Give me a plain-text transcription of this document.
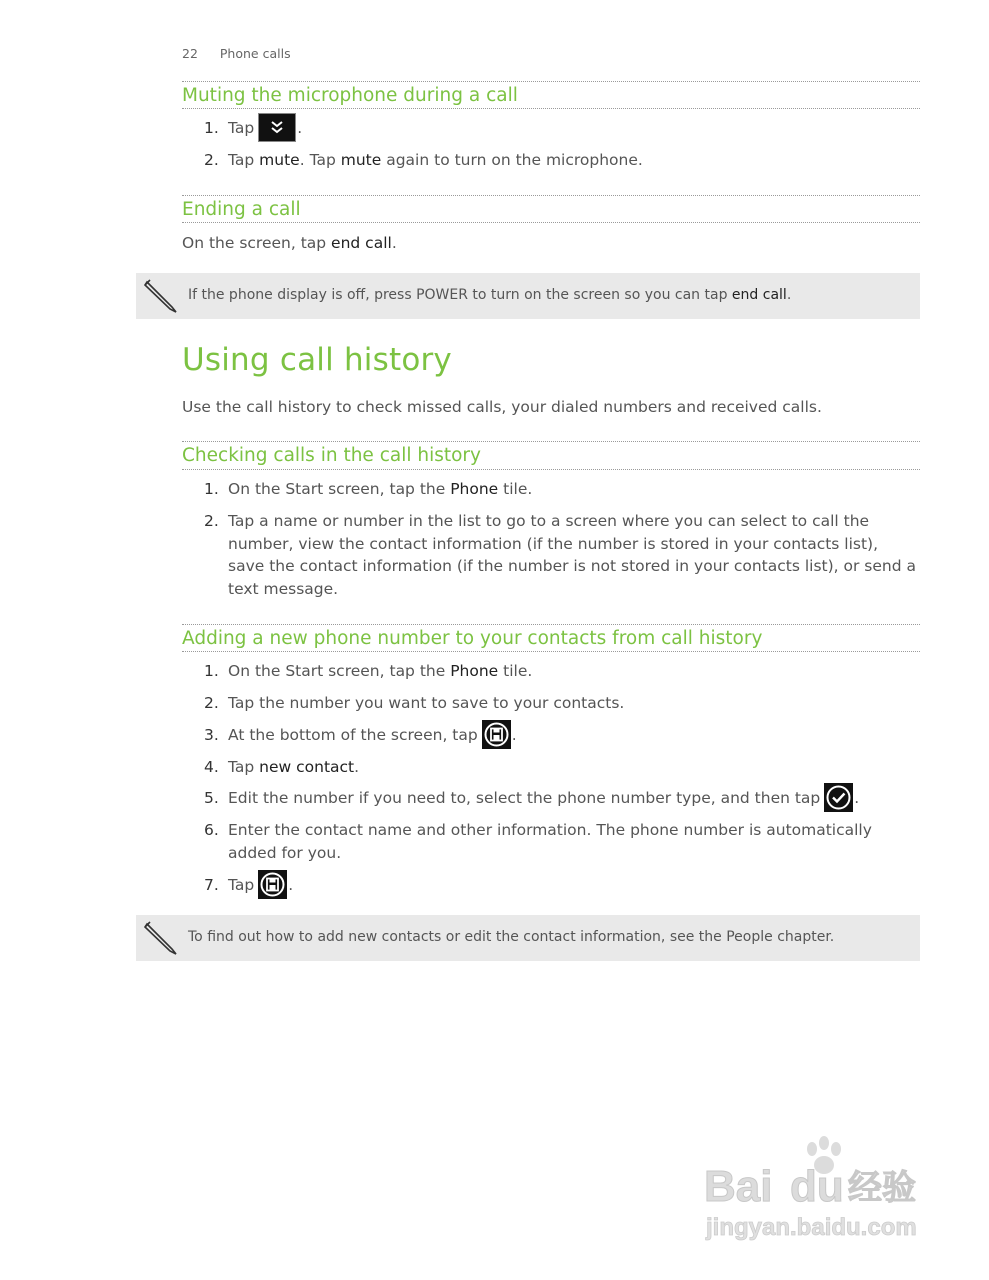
22 Phone calls
Muting the microphone during a call
1. Tap	.
2. Tap mute. Tap mute again to turn on the microphone.
Ending a call
On the screen, tap end call.
If the phone display is off, press POWER to turn on the screen so you can tap end call.
Using call history
Use the call history to check missed calls, your dialed numbers and received calls.
Checking calls in the call history
1. On the Start screen, tap the Phone tile.
2. Tap a name or number in the list to go to a screen where you can select to call the number, view the contact information (if the number is stored in your contacts list), save the contact information (if the number is not stored in your contacts list), or send a text message.
Adding a new phone number to your contacts from call history
1. On the Start screen, tap the Phone tile.
2. Tap the number you want to save to your contacts.
3. At the bottom of the screen, tap .
4. Tap new contact.
5. Edit the number if you need to, select the phone number type, and then tap .
6. Enter the contact name and other information. The phone number is automatically added for you.
7. Tap .
To find out how to add new contacts or edit the contact information, see the People chapter.
Bai du 经验
jingyan.baidu.com
